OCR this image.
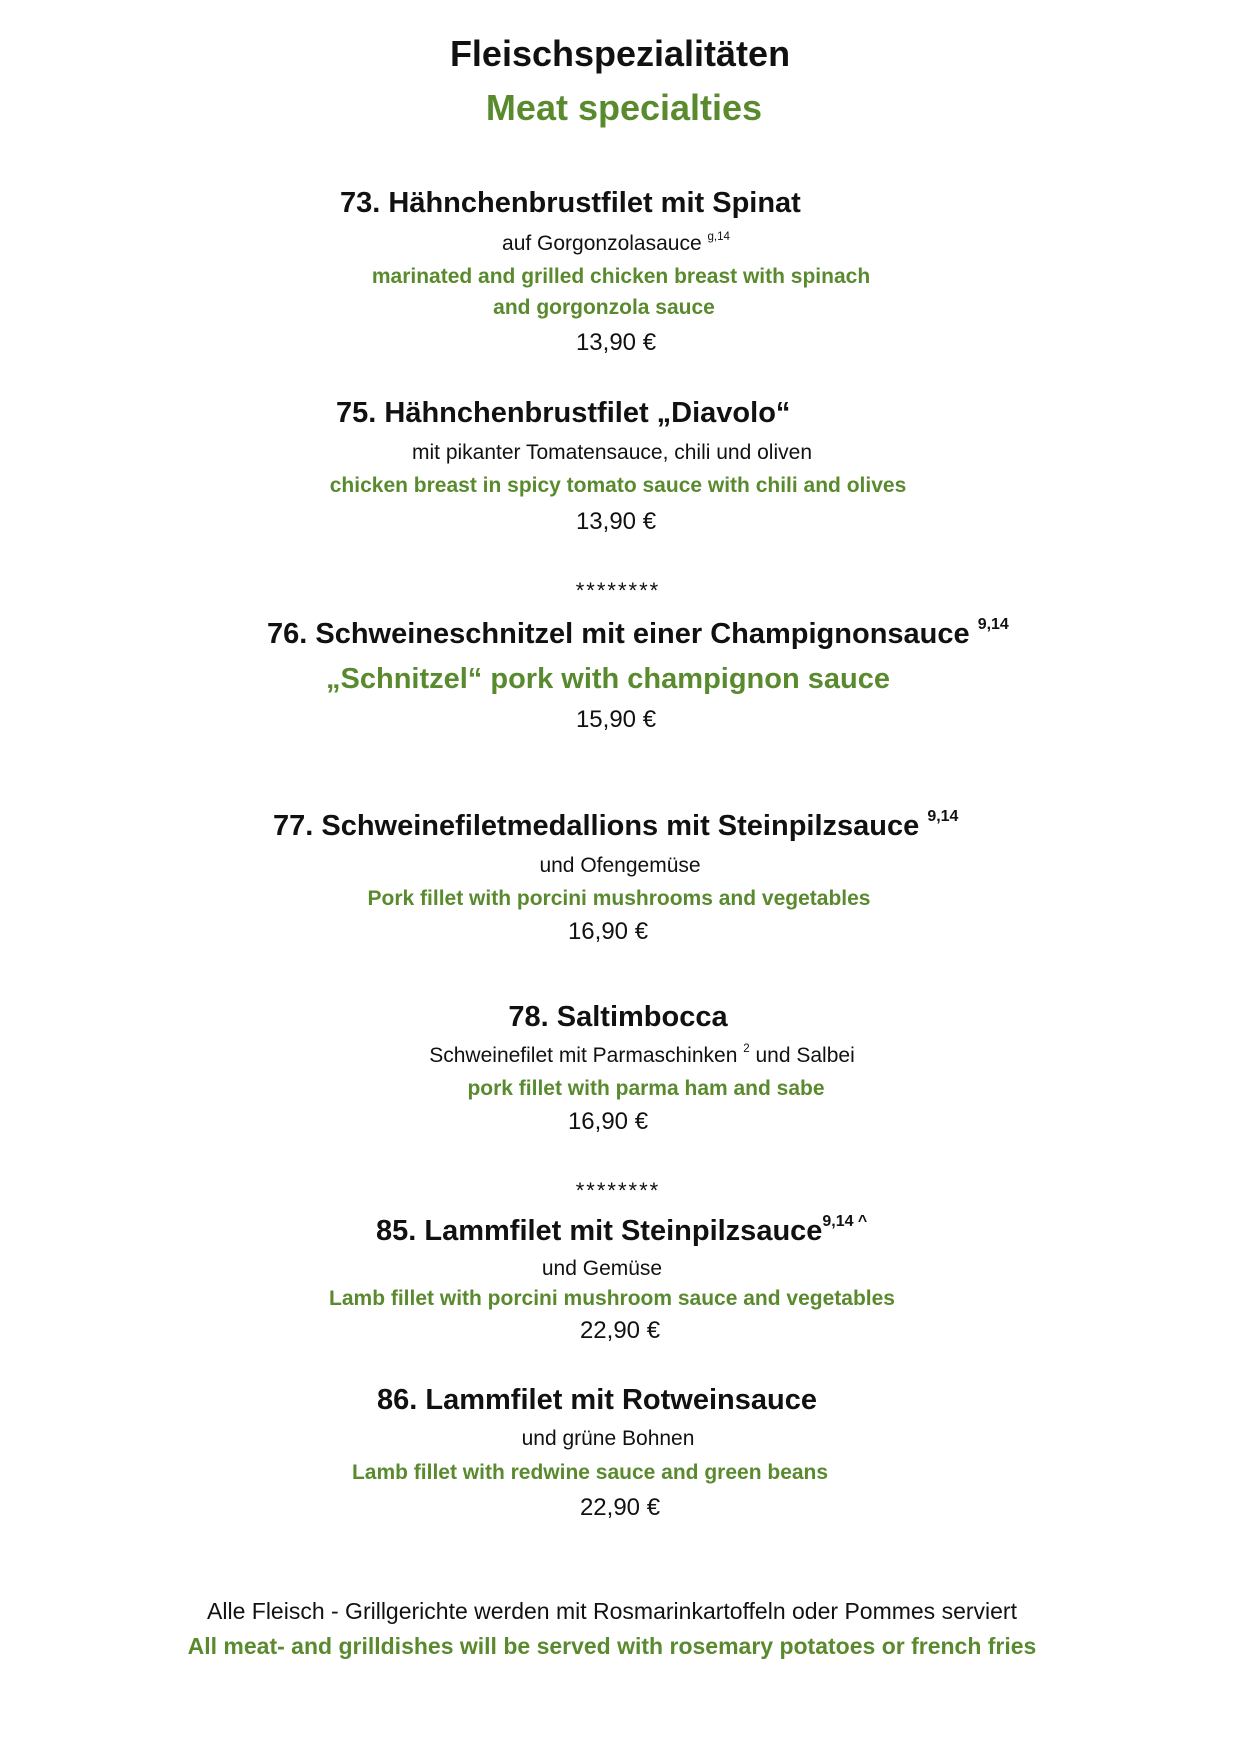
Fleischspezialitäten
Meat specialties
73. Hähnchenbrustfilet mit Spinat
auf Gorgonzolasauce $^{g,14}$
marinated and grilled chicken breast with spinach
and gorgonzola sauce
13,90 €
75. Hähnchenbrustfilet „Diavolo“
mit pikanter Tomatensauce, chili und oliven
chicken breast in spicy tomato sauce with chili and olives
13,90 €
********
76. Schweineschnitzel mit einer Champignonsauce $^{9,14}$
„Schnitzel“ pork with champignon sauce
15,90 €
77. Schweinefiletmedallions mit Steinpilzsauce $^{9,14}$
und Ofengemüse
Pork fillet with porcini mushrooms and vegetables
16,90 €
78. Saltimbocca
Schweinefilet mit Parmaschinken $^2$ und Salbei
pork fillet with parma ham and sabe
16,90 €
********
85. Lammfilet mit Steinpilzsauce$^{9,14 \^{}}$
und Gemüse
Lamb fillet with porcini mushroom sauce and vegetables
22,90 €
86. Lammfilet mit Rotweinsauce
und grüne Bohnen
Lamb fillet with redwine sauce and green beans
22,90 €
Alle Fleisch - Grillgerichte werden mit Rosmarinkartoffeln oder Pommes serviert
All meat- and grilldishes will be served with rosemary potatoes or french fries
